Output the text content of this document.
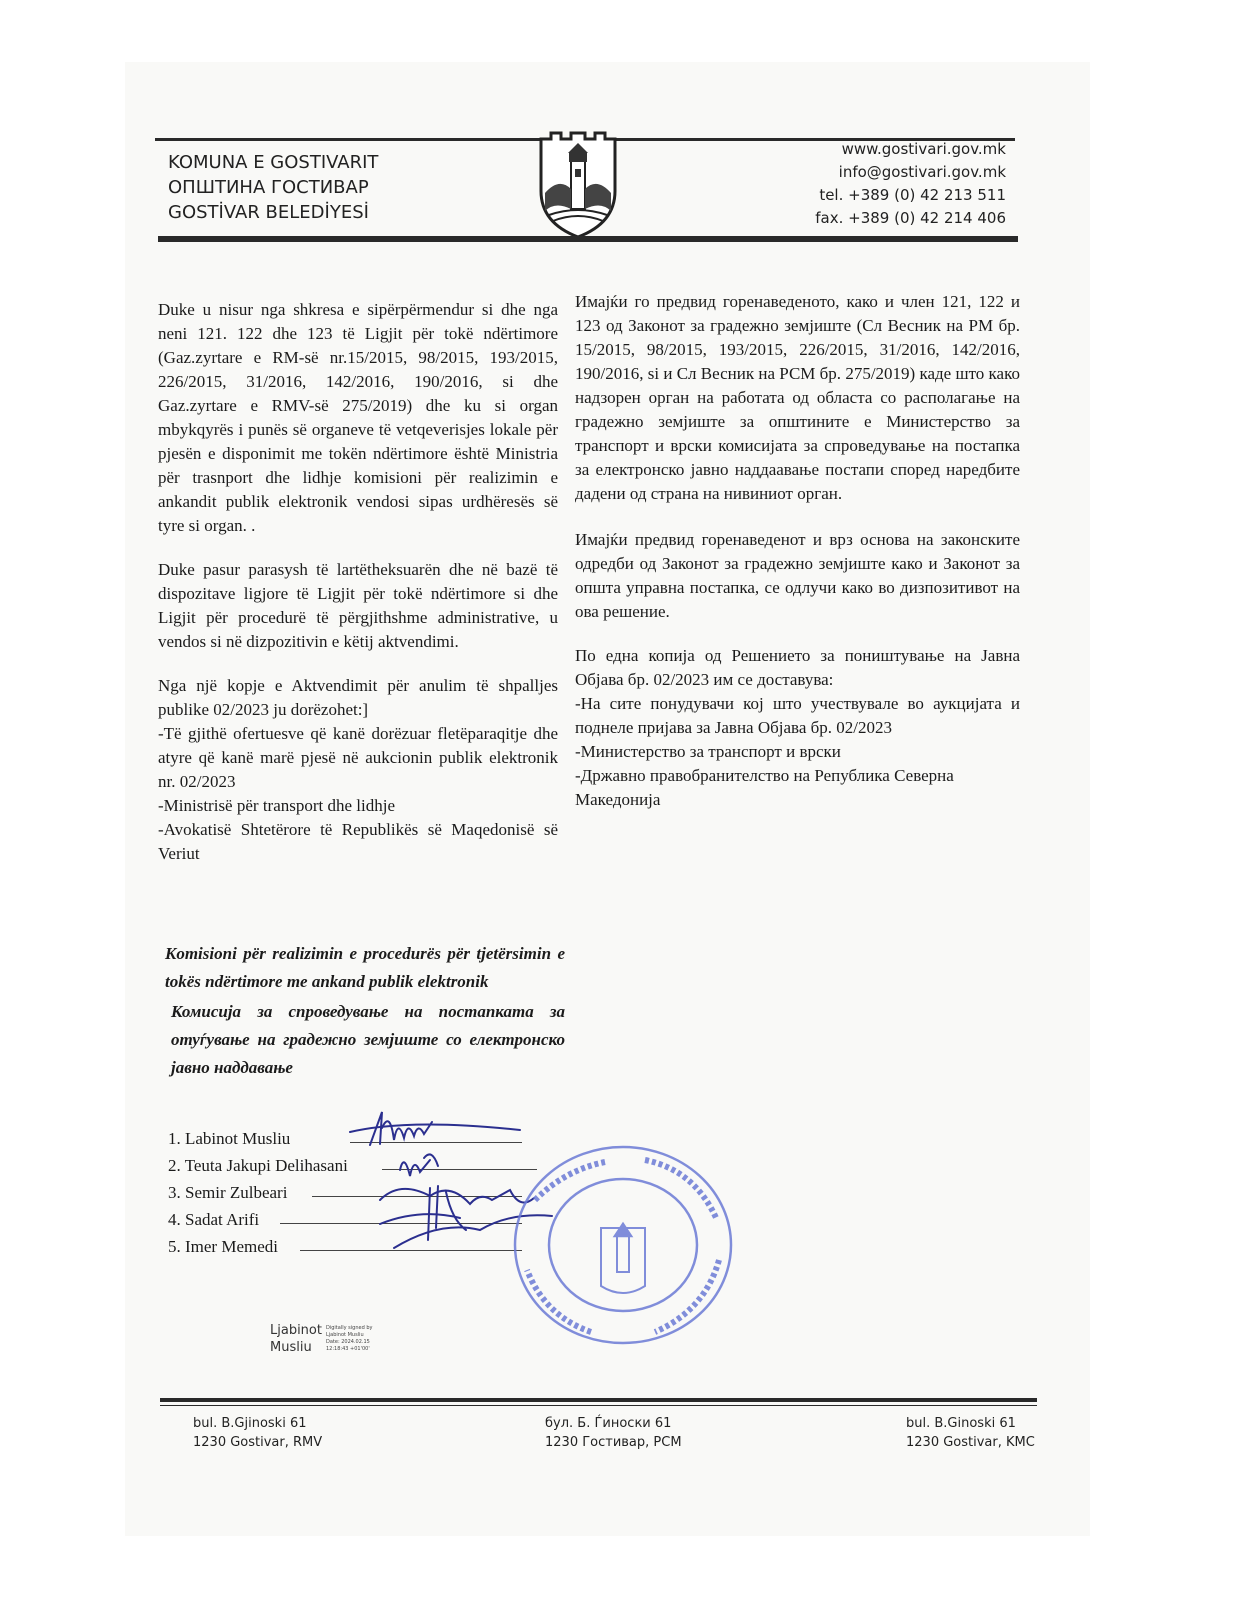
KOMUNA E GOSTIVARIT
ОПШТИНА ГОСТИВАР
GOSTİVAR BELEDİYESİ
www.gostivari.gov.mk
info@gostivari.gov.mk
tel. +389 (0) 42 213 511
fax. +389 (0) 42 214 406

Duke u nisur nga shkresa e sipërpërmendur si dhe nga neni 121. 122 dhe 123 të Ligjit për tokë ndërtimore (Gaz.zyrtare e RM-së nr.15/2015, 98/2015, 193/2015, 226/2015, 31/2016, 142/2016, 190/2016, si dhe Gaz.zyrtare e RMV-së 275/2019) dhe ku si organ mbykqyrës i punës së organeve të vetqeverisjes lokale për pjesën e disponimit me tokën ndërtimore është Ministria për trasnport dhe lidhje komisioni për realizimin e ankandit publik elektronik vendosi sipas urdhëresës së tyre si organ. .

Duke pasur parasysh të lartëtheksuarën dhe në bazë të dispozitave ligjore të Ligjit për tokë ndërtimore si dhe Ligjit për procedurë të përgjithshme administrative, u vendos si në dizpozitivin e këtij aktvendimi.

Nga një kopje e Aktvendimit për anulim të shpalljes publike 02/2023 ju dorëzohet:]
-Të gjithë ofertuesve që kanë dorëzuar fletëparaqitje dhe atyre që kanë marë pjesë në aukcionin publik elektronik nr. 02/2023
-Ministrisë për transport dhe lidhje
-Avokatisë Shtetërore të Republikës së Maqedonisë së Veriut

Имајќи го предвид горенаведеното, како и член 121, 122 и 123 од Законот за градежно земјиште (Сл Весник на РМ бр. 15/2015, 98/2015, 193/2015, 226/2015, 31/2016, 142/2016, 190/2016, si и Сл Весник на РСМ бр. 275/2019) каде што како надзорен орган на работата од областа со располагање на градежно земјиште за општините е Министерство за транспорт и врски комисијата за спроведување на постапка за електронско јавно наддаавање постапи според наредбите дадени од страна на нивиниот орган.

Имајќи предвид горенаведенот и врз основа на законските одредби од Законот за градежно земјиште како и Законот за општа управна постапка, се одлучи како во дизпозитивот на ова решение.

По една копија од Решението за поништување на Јавна Објава бр. 02/2023 им се доставува:
-На сите понудувачи кој што учествувале во аукцијата и поднеле пријава за Јавна Објава бр. 02/2023
-Министерство за транспорт и врски
-Државно правобранителство на Република Северна Македонија
Komisioni për realizimin e procedurës për tjetërsimin e tokës ndërtimore me ankand publik elektronik
Комисија за спроведување на постапката за отуѓување на градежно земјиште со електронско јавно наддавање
1. Labinot Musliu
2. Teuta Jakupi Delihasani
3. Semir Zulbeari
4. Sadat Arifi
5. Imer Memedi
Ljabinot
Musliu
Digitally signed by
Ljabinot Musliu
Date: 2024.02.15
12:18:43 +01'00'
bul. B.Gjinoski 61
1230 Gostivar, RMV
бул. Б. Ѓиноски 61
1230 Гостивар, РСМ
bul. B.Ginoski 61
1230 Gostivar, KMC
